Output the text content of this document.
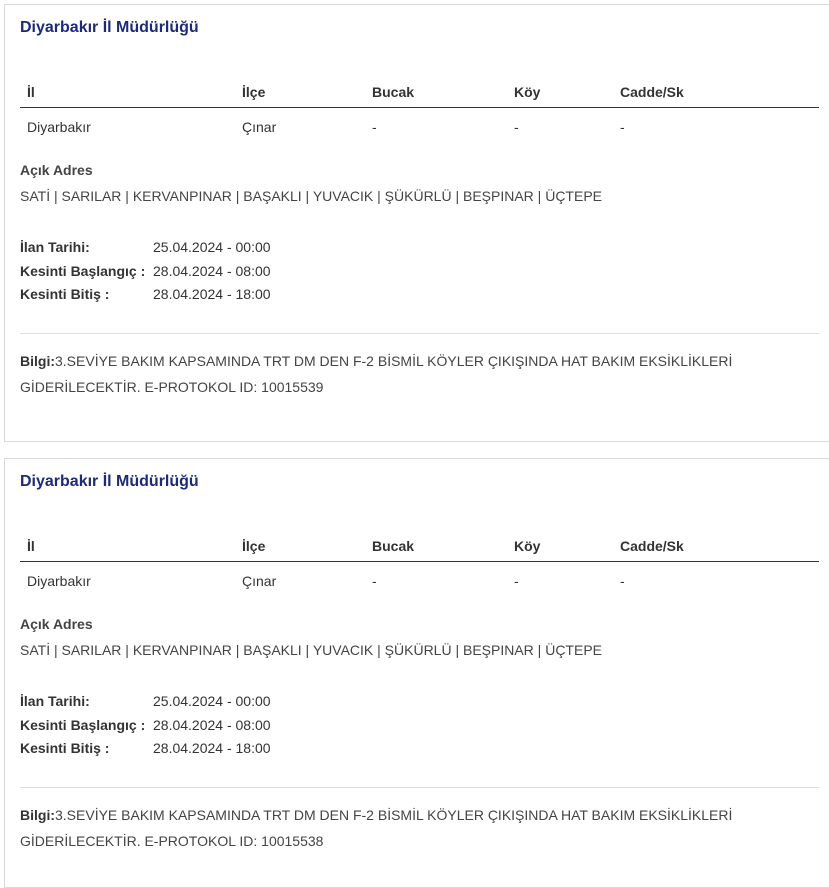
Diyarbakır İl Müdürlüğü
İl	İlçe	Bucak	Köy	Cadde/Sk
Diyarbakır	Çınar	-	-	-
Açık Adres
SATİ | SARILAR | KERVANPINAR | BAŞAKLI | YUVACIK | ŞÜKÜRLÜ | BEŞPINAR | ÜÇTEPE
İlan Tarihi:	25.04.2024 - 00:00
Kesinti Başlangıç : 28.04.2024 - 08:00
Kesinti Bitiş :	28.04.2024 - 18:00
Bilgi:3.SEVİYE BAKIM KAPSAMINDA TRT DM DEN F-2 BİSMİL KÖYLER ÇIKIŞINDA HAT BAKIM EKSİKLİKLERİ GİDERİLECEKTİR. E-PROTOKOL ID: 10015539
Diyarbakır İl Müdürlüğü
İl	İlçe	Bucak	Köy	Cadde/Sk
Diyarbakır	Çınar	-	-	-
Açık Adres
SATİ | SARILAR | KERVANPINAR | BAŞAKLI | YUVACIK | ŞÜKÜRLÜ | BEŞPINAR | ÜÇTEPE
İlan Tarihi:	25.04.2024 - 00:00
Kesinti Başlangıç : 28.04.2024 - 08:00
Kesinti Bitiş :	28.04.2024 - 18:00
Bilgi:3.SEVİYE BAKIM KAPSAMINDA TRT DM DEN F-2 BİSMİL KÖYLER ÇIKIŞINDA HAT BAKIM EKSİKLİKLERİ GİDERİLECEKTİR. E-PROTOKOL ID: 10015538
